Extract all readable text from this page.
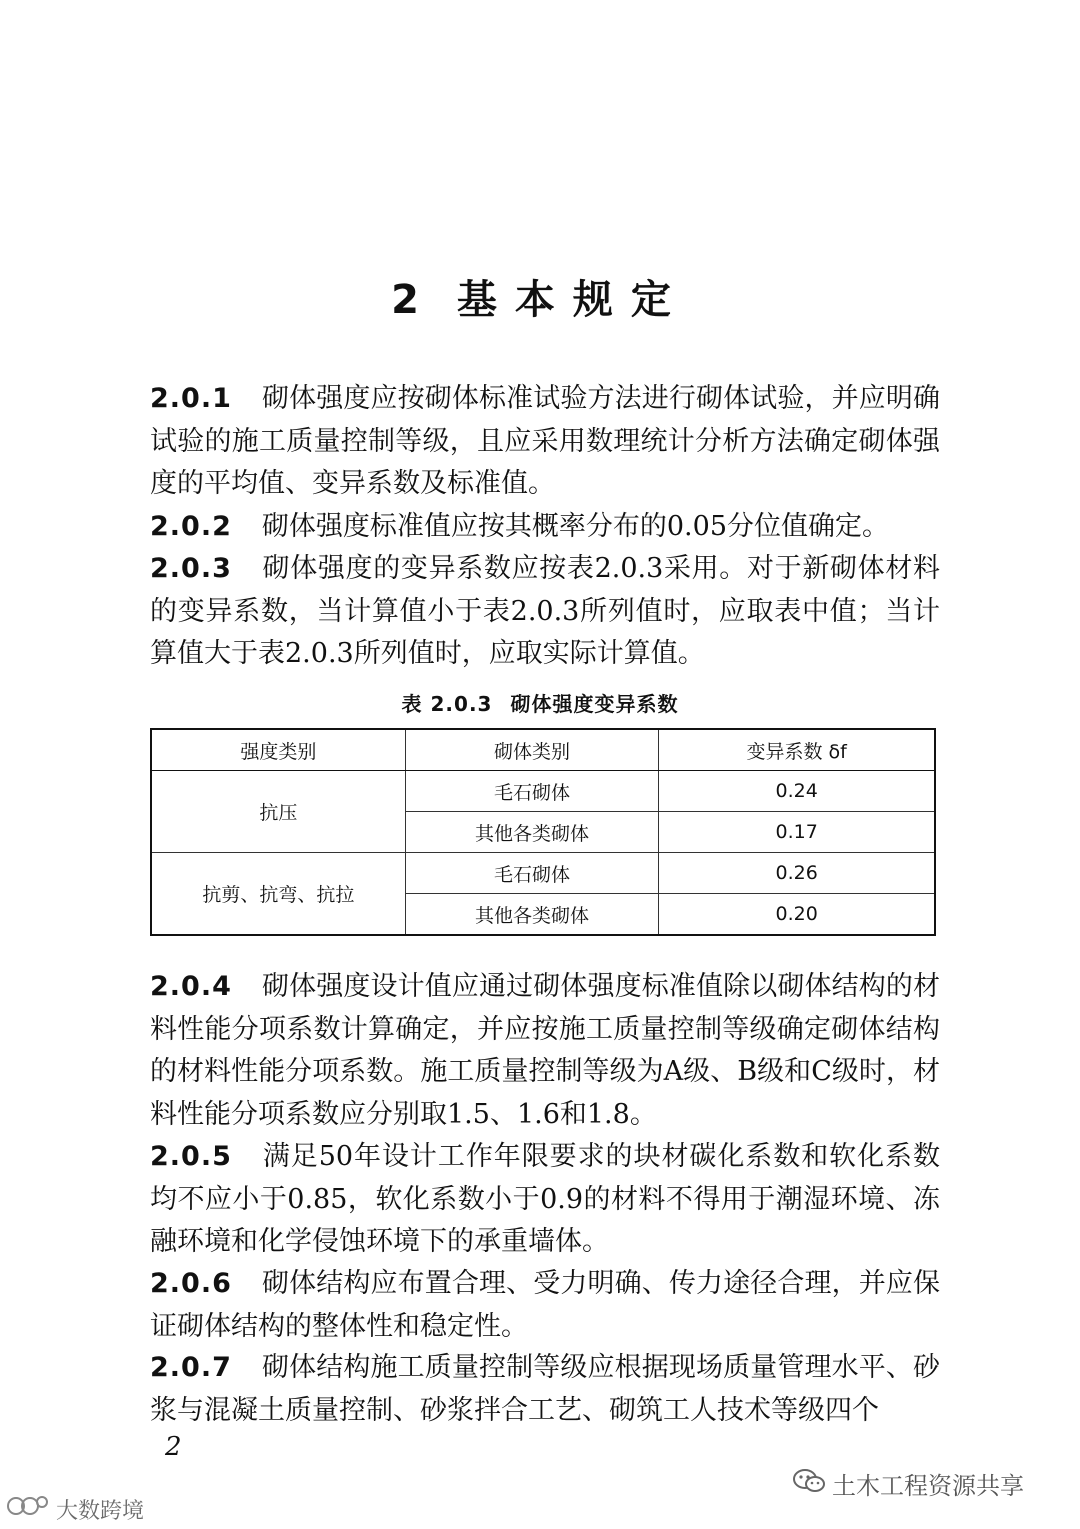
2 基本规定
2.0.1 砌体强度应按砌体标准试验方法进行砌体试验，并应明确试验的施工质量控制等级，且应采用数理统计分析方法确定砌体强度的平均值、变异系数及标准值。
2.0.2 砌体强度标准值应按其概率分布的0.05分位值确定。
2.0.3 砌体强度的变异系数应按表2.0.3采用。对于新砌体材料的变异系数，当计算值小于表2.0.3所列值时，应取表中值；当计算值大于表2.0.3所列值时，应取实际计算值。
表 2.0.3 砌体强度变异系数
强度类别	砌体类别	变异系数 δf
抗压	毛石砌体	0.24
	其他各类砌体	0.17
抗剪、抗弯、抗拉	毛石砌体	0.26
	其他各类砌体	0.20
2.0.4 砌体强度设计值应通过砌体强度标准值除以砌体结构的材料性能分项系数计算确定，并应按施工质量控制等级确定砌体结构的材料性能分项系数。施工质量控制等级为A级、B级和C级时，材料性能分项系数应分别取1.5、1.6和1.8。
2.0.5 满足50年设计工作年限要求的块材碳化系数和软化系数均不应小于0.85，软化系数小于0.9的材料不得用于潮湿环境、冻融环境和化学侵蚀环境下的承重墙体。
2.0.6 砌体结构应布置合理、受力明确、传力途径合理，并应保证砌体结构的整体性和稳定性。
2.0.7 砌体结构施工质量控制等级应根据现场质量管理水平、砂浆与混凝土质量控制、砂浆拌合工艺、砌筑工人技术等级四个
2
土木工程资源共享
大数跨境
